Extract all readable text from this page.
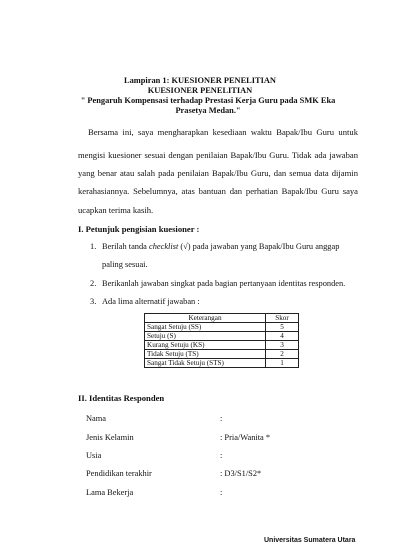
Lampiran 1: KUESIONER PENELITIAN
KUESIONER PENELITIAN
" Pengaruh Kompensasi terhadap Prestasi Kerja Guru pada SMK Eka Prasetya Medan."
Bersama ini, saya mengharapkan kesediaan waktu Bapak/Ibu Guru untuk
mengisi kuesioner sesuai dengan penilaian Bapak/Ibu Guru. Tidak ada jawaban
yang benar atau salah pada penilaian Bapak/Ibu Guru, dan semua data dijamin
kerahasiannya. Sebelumnya, atas bantuan dan perhatian Bapak/Ibu Guru saya
ucapkan terima kasih.
I. Petunjuk pengisian kuesioner :
1. Berilah tanda checklist (√) pada jawaban yang Bapak/Ibu Guru anggap
paling sesuai.
2. Berikanlah jawaban singkat pada bagian pertanyaan identitas responden.
3. Ada lima alternatif jawaban :
Keterangan	Skor
Sangat Setuju (SS)	5
Setuju (S)	4
Kurang Setuju (KS)	3
Tidak Setuju (TS)	2
Sangat Tidak Setuju (STS)	1
II. Identitas Responden
Nama	:
Jenis Kelamin	: Pria/Wanita *
Usia	:
Pendidikan terakhir	: D3/S1/S2*
Lama Bekerja	:
Universitas Sumatera Utara
